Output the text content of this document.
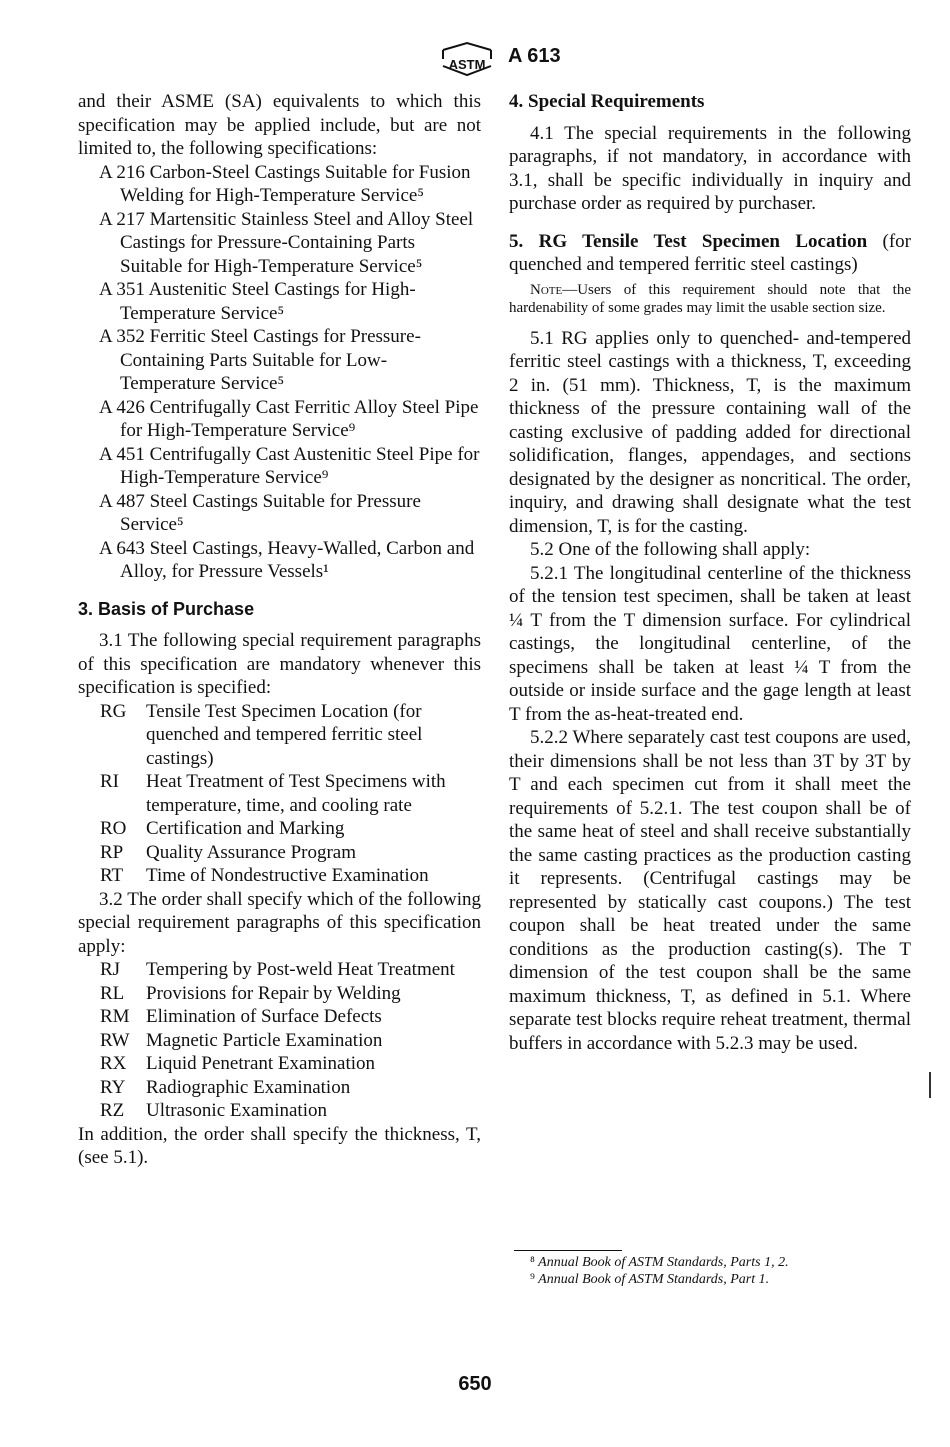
ASTM A 613

and their ASME (SA) equivalents to which this specification may be applied include, but are not limited to, the following specifications:

A 216 Carbon-Steel Castings Suitable for Fusion Welding for High-Temperature Service⁵

A 217 Martensitic Stainless Steel and Alloy Steel Castings for Pressure-Containing Parts Suitable for High-Temperature Service⁵

A 351 Austenitic Steel Castings for High-Temperature Service⁵

A 352 Ferritic Steel Castings for Pressure-Containing Parts Suitable for Low-Temperature Service⁵

A 426 Centrifugally Cast Ferritic Alloy Steel Pipe for High-Temperature Service⁹

A 451 Centrifugally Cast Austenitic Steel Pipe for High-Temperature Service⁹

A 487 Steel Castings Suitable for Pressure Service⁵

A 643 Steel Castings, Heavy-Walled, Carbon and Alloy, for Pressure Vessels¹

3. Basis of Purchase

3.1 The following special requirement paragraphs of this specification are mandatory whenever this specification is specified:

RG	Tensile Test Specimen Location (for quenched and tempered ferritic steel castings)
RI	Heat Treatment of Test Specimens with temperature, time, and cooling rate
RO	Certification and Marking
RP	Quality Assurance Program
RT	Time of Nondestructive Examination

3.2 The order shall specify which of the following special requirement paragraphs of this specification apply:

RJ	Tempering by Post-weld Heat Treatment
RL	Provisions for Repair by Welding
RM Elimination of Surface Defects
RW Magnetic Particle Examination
RX	Liquid Penetrant Examination
RY	Radiographic Examination
RZ	Ultrasonic Examination

In addition, the order shall specify the thickness, T, (see 5.1).

4. Special Requirements

4.1 The special requirements in the following paragraphs, if not mandatory, in accordance with 3.1, shall be specific individually in inquiry and purchase order as required by purchaser.

5. RG Tensile Test Specimen Location (for quenched and tempered ferritic steel castings)

Note—Users of this requirement should note that the hardenability of some grades may limit the usable section size.

5.1 RG applies only to quenched- and-tempered ferritic steel castings with a thickness, T, exceeding 2 in. (51 mm). Thickness, T, is the maximum thickness of the pressure containing wall of the casting exclusive of padding added for directional solidification, flanges, appendages, and sections designated by the designer as noncritical. The order, inquiry, and drawing shall designate what the test dimension, T, is for the casting.

5.2 One of the following shall apply:

5.2.1 The longitudinal centerline of the thickness of the tension test specimen, shall be taken at least ¼ T from the T dimension surface. For cylindrical castings, the longitudinal centerline, of the specimens shall be taken at least ¼ T from the outside or inside surface and the gage length at least T from the as-heat-treated end.

5.2.2 Where separately cast test coupons are used, their dimensions shall be not less than 3T by 3T by T and each specimen cut from it shall meet the requirements of 5.2.1. The test coupon shall be of the same heat of steel and shall receive substantially the same casting practices as the production casting it represents. (Centrifugal castings may be represented by statically cast coupons.) The test coupon shall be heat treated under the same conditions as the production casting(s). The T dimension of the test coupon shall be the same maximum thickness, T, as defined in 5.1. Where separate test blocks require reheat treatment, thermal buffers in accordance with 5.2.3 may be used.

⁸ Annual Book of ASTM Standards, Parts 1, 2.
⁹ Annual Book of ASTM Standards, Part 1.
650
